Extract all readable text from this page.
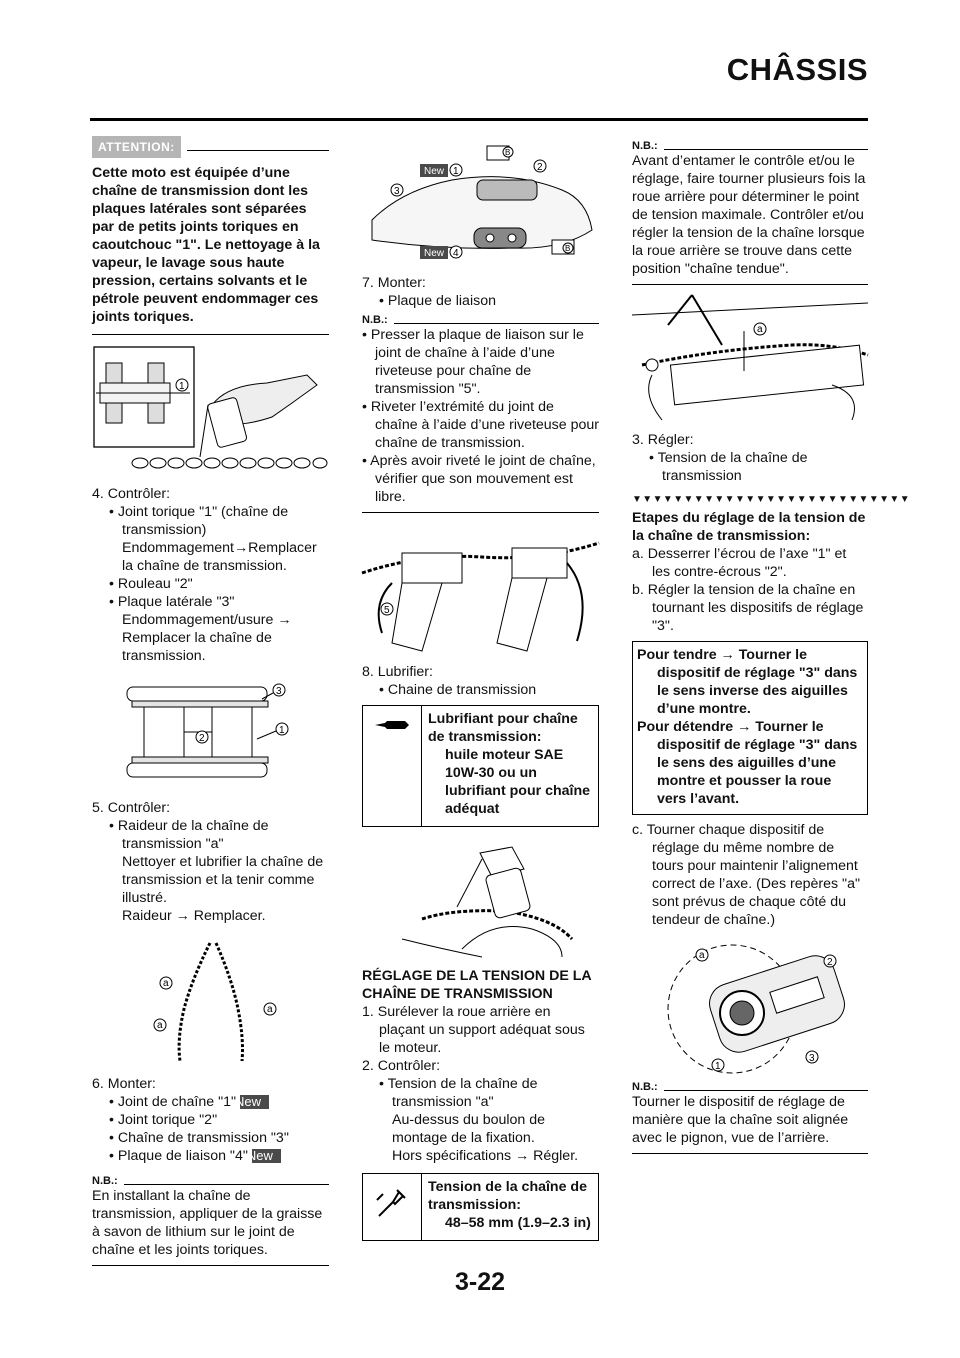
CHÂSSIS
ATTENTION:

Cette moto est équipée d’une chaîne de transmission dont les plaques latérales sont séparées par de petits joints toriques en caoutchouc "1". Le nettoyage à la vapeur, le lavage sous haute pression, certains solvants et le pétrole peuvent endommager ces joints toriques.

1

4. Contrôler:

• Joint torique "1" (chaîne de transmission)

Endommagement→Remplacer la chaîne de transmission.

• Rouleau "2"

• Plaque latérale "3"

Endommagement/usure → Remplacer la chaîne de transmission.

3
2
1

5. Contrôler:

• Raideur de la chaîne de transmission "a"

Nettoyer et lubrifier la chaîne de transmission et la tenir comme illustré.

Raideur → Remplacer.

a
a
a

6. Monter:

• Joint de chaîne "1" New

• Joint torique "2"

• Chaîne de transmission "3"

• Plaque de liaison "4" New

N.B.:

En installant la chaîne de transmission, appliquer de la graisse à savon de lithium sur le joint de chaîne et les joints toriques.

B
B
New 1	2
3
New 4

7. Monter:

• Plaque de liaison

N.B.:

• Presser la plaque de liaison sur le joint de chaîne à l’aide d’une riveteuse pour chaîne de transmission "5".

• Riveter l’extrémité du joint de chaîne à l’aide d’une riveteuse pour chaîne de transmission.

• Après avoir riveté le joint de chaîne, vérifier que son mouvement est libre.

5

8. Lubrifier:

• Chaine de transmission

Lubrifiant pour chaîne de transmission:

huile moteur SAE 10W-30 ou un lubrifiant pour chaîne adéquat

RÉGLAGE DE LA TENSION DE LA CHAÎNE DE TRANSMISSION

1. Surélever la roue arrière en plaçant un support adéquat sous le moteur.

2. Contrôler:

• Tension de la chaîne de transmission "a"

Au-dessus du boulon de montage de la fixation.

Hors spécifications → Régler.

Tension de la chaîne de transmission:

48–58 mm (1.9–2.3 in)

N.B.:

Avant d’entamer le contrôle et/ou le réglage, faire tourner plusieurs fois la roue arrière pour déterminer le point de tension maximale. Contrôler et/ou régler la tension de la chaîne lorsque la roue arrière se trouve dans cette position "chaîne tendue".

a

3. Régler:

• Tension de la chaîne de transmission

▼▼▼▼▼▼▼▼▼▼▼▼▼▼▼▼▼▼▼▼▼▼▼▼▼▼▼

Etapes du réglage de la tension de la chaîne de transmission:

a. Desserrer l’écrou de l’axe "1" et les contre-écrous "2".

b. Régler la tension de la chaîne en tournant les dispositifs de réglage "3".

Pour tendre → Tourner le dispositif de réglage "3" dans le sens inverse des aiguilles d’une montre.

Pour détendre → Tourner le dispositif de réglage "3" dans le sens des aiguilles d’une montre et pousser la roue vers l’avant.

c. Tourner chaque dispositif de réglage du même nombre de tours pour maintenir l’alignement correct de l’axe. (Des repères "a" sont prévus de chaque côté du tendeur de chaîne.)

a
2
1
3
N.B.:

Tourner le dispositif de réglage de manière que la chaîne soit alignée avec le pignon, vue de l’arrière.

3-22
